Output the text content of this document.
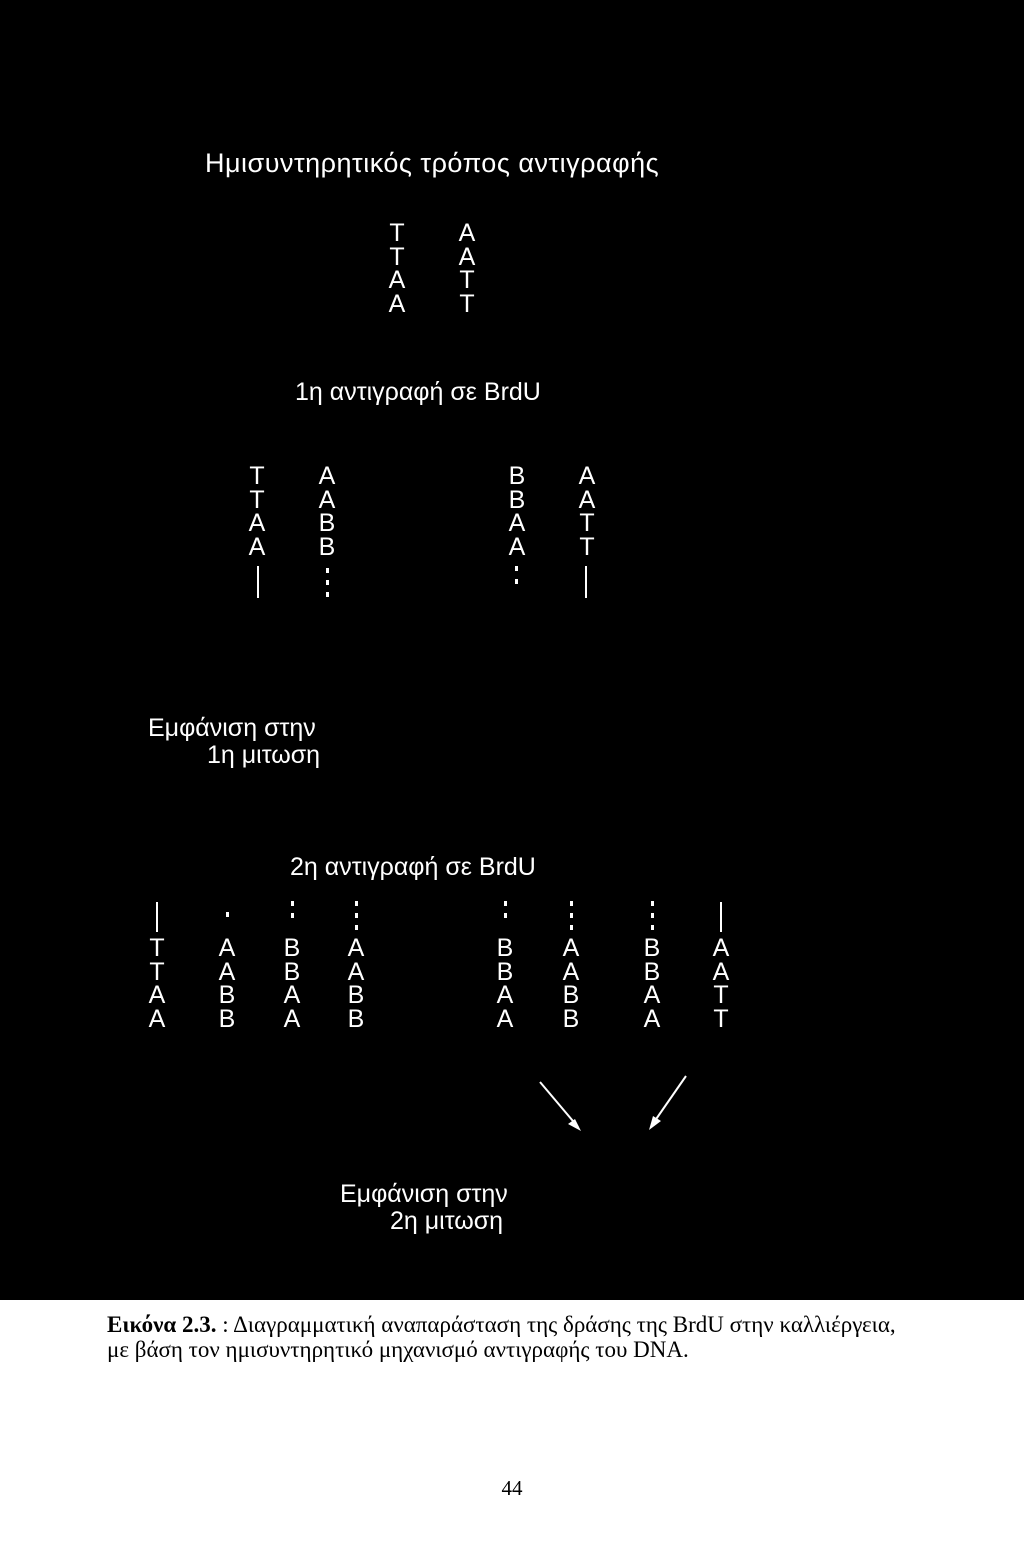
Ημισυντηρητικός τρόπος αντιγραφής
T
T
A
A
A
A
T
T
1η αντιγραφή σε BrdU
T
T
A
A
A
A
B
B
B
B
A
A
A
A
T
T
Εμφάνιση στην
1η μιτωση
2η αντιγραφή σε BrdU
T
T
A
A
A
A
B
B
B
B
A
A
A
A
B
B
B
B
A
A
A
A
B
B
B
B
A
A
A
A
T
T
Εμφάνιση στην
2η μιτωση
Εικόνα 2.3. : Διαγραμματική αναπαράσταση της δράσης της BrdU στην καλλιέργεια, με βάση τον ημισυντηρητικό μηχανισμό αντιγραφής του DNA.
44
